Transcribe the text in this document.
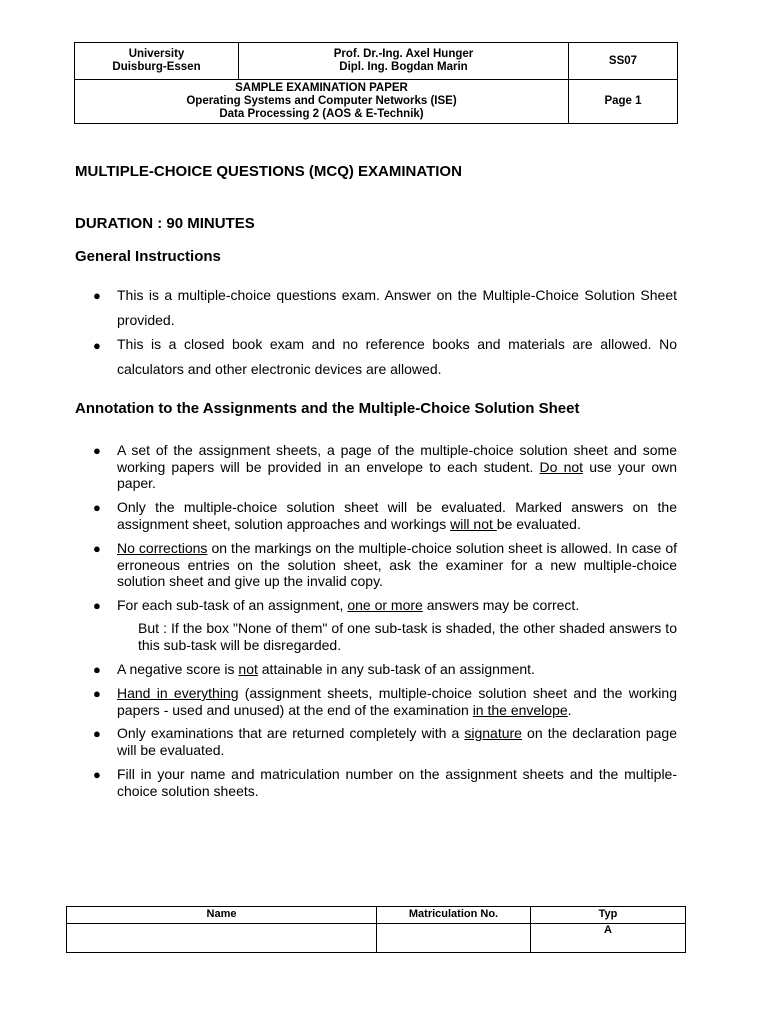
University
Duisburg-Essen
Prof. Dr.-Ing. Axel Hunger
Dipl. Ing. Bogdan Marin
SS07
SAMPLE EXAMINATION PAPER
Operating Systems and Computer Networks (ISE)
Data Processing 2 (AOS & E-Technik)
Page 1
MULTIPLE-CHOICE QUESTIONS (MCQ) EXAMINATION
DURATION : 90 MINUTES
General Instructions
● This is a multiple-choice questions exam. Answer on the Multiple-Choice Solution Sheet provided.
● This is a closed book exam and no reference books and materials are allowed. No calculators and other electronic devices are allowed.
Annotation to the Assignments and the Multiple-Choice Solution Sheet
● A set of the assignment sheets, a page of the multiple-choice solution sheet and some working papers will be provided in an envelope to each student. Do not use your own paper.
● Only the multiple-choice solution sheet will be evaluated. Marked answers on the assignment sheet, solution approaches and workings will not be evaluated.
● No corrections on the markings on the multiple-choice solution sheet is allowed. In case of erroneous entries on the solution sheet, ask the examiner for a new multiple-choice solution sheet and give up the invalid copy.
● For each sub-task of an assignment, one or more answers may be correct.
But : If the box "None of them" of one sub-task is shaded, the other shaded answers to this sub-task will be disregarded.
● A negative score is not attainable in any sub-task of an assignment.
● Hand in everything (assignment sheets, multiple-choice solution sheet and the working papers - used and unused) at the end of the examination in the envelope.
● Only examinations that are returned completely with a signature on the declaration page will be evaluated.
● Fill in your name and matriculation number on the assignment sheets and the multiple-choice solution sheets.
Name	Matriculation No.	Typ
A
